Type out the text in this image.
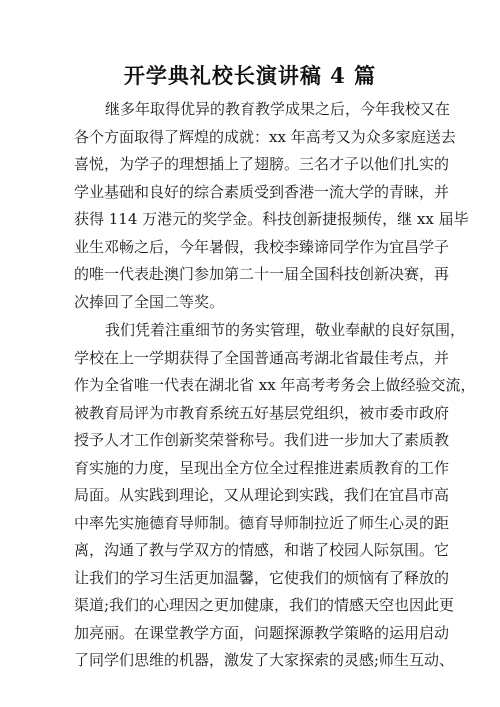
开学典礼校长演讲稿 4 篇
继多年取得优异的教育教学成果之后，今年我校又在
各个方面取得了辉煌的成就：xx 年高考又为众多家庭送去
喜悦，为学子的理想插上了翅膀。三名才子以他们扎实的
学业基础和良好的综合素质受到香港一流大学的青睐，并
获得 114 万港元的奖学金。科技创新捷报频传，继 xx 届毕
业生邓畅之后，今年暑假，我校李臻谛同学作为宜昌学子
的唯一代表赴澳门参加第二十一届全国科技创新决赛，再
次捧回了全国二等奖。
我们凭着注重细节的务实管理，敬业奉献的良好氛围，
学校在上一学期获得了全国普通高考湖北省最佳考点，并
作为全省唯一代表在湖北省 xx 年高考考务会上做经验交流，
被教育局评为市教育系统五好基层党组织，被市委市政府
授予人才工作创新奖荣誉称号。我们进一步加大了素质教
育实施的力度，呈现出全方位全过程推进素质教育的工作
局面。从实践到理论，又从理论到实践，我们在宜昌市高
中率先实施德育导师制。德育导师制拉近了师生心灵的距
离，沟通了教与学双方的情感，和谐了校园人际氛围。它
让我们的学习生活更加温馨，它使我们的烦恼有了释放的
渠道;我们的心理因之更加健康，我们的情感天空也因此更
加亮丽。在课堂教学方面，问题探源教学策略的运用启动
了同学们思维的机器，激发了大家探索的灵感;师生互动、
